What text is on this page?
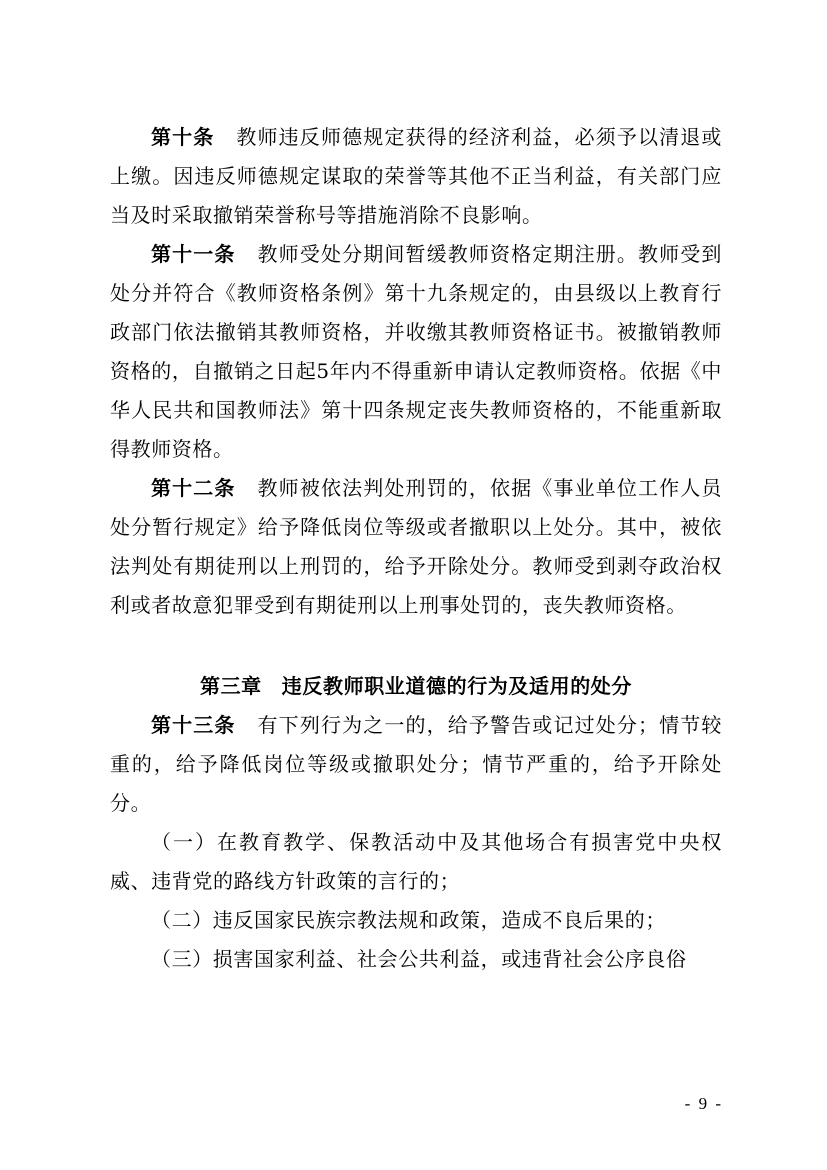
第十条 教师违反师德规定获得的经济利益，必须予以清退或上缴。因违反师德规定谋取的荣誉等其他不正当利益，有关部门应当及时采取撤销荣誉称号等措施消除不良影响。

第十一条 教师受处分期间暂缓教师资格定期注册。教师受到处分并符合《教师资格条例》第十九条规定的，由县级以上教育行政部门依法撤销其教师资格，并收缴其教师资格证书。被撤销教师资格的，自撤销之日起5年内不得重新申请认定教师资格。依据《中华人民共和国教师法》第十四条规定丧失教师资格的，不能重新取得教师资格。

第十二条 教师被依法判处刑罚的，依据《事业单位工作人员处分暂行规定》给予降低岗位等级或者撤职以上处分。其中，被依法判处有期徒刑以上刑罚的，给予开除处分。教师受到剥夺政治权利或者故意犯罪受到有期徒刑以上刑事处罚的，丧失教师资格。

第三章 违反教师职业道德的行为及适用的处分

第十三条 有下列行为之一的，给予警告或记过处分；情节较重的，给予降低岗位等级或撤职处分；情节严重的，给予开除处分。

（一）在教育教学、保教活动中及其他场合有损害党中央权威、违背党的路线方针政策的言行的；

（二）违反国家民族宗教法规和政策，造成不良后果的；

（三）损害国家利益、社会公共利益，或违背社会公序良俗

- 9 -
